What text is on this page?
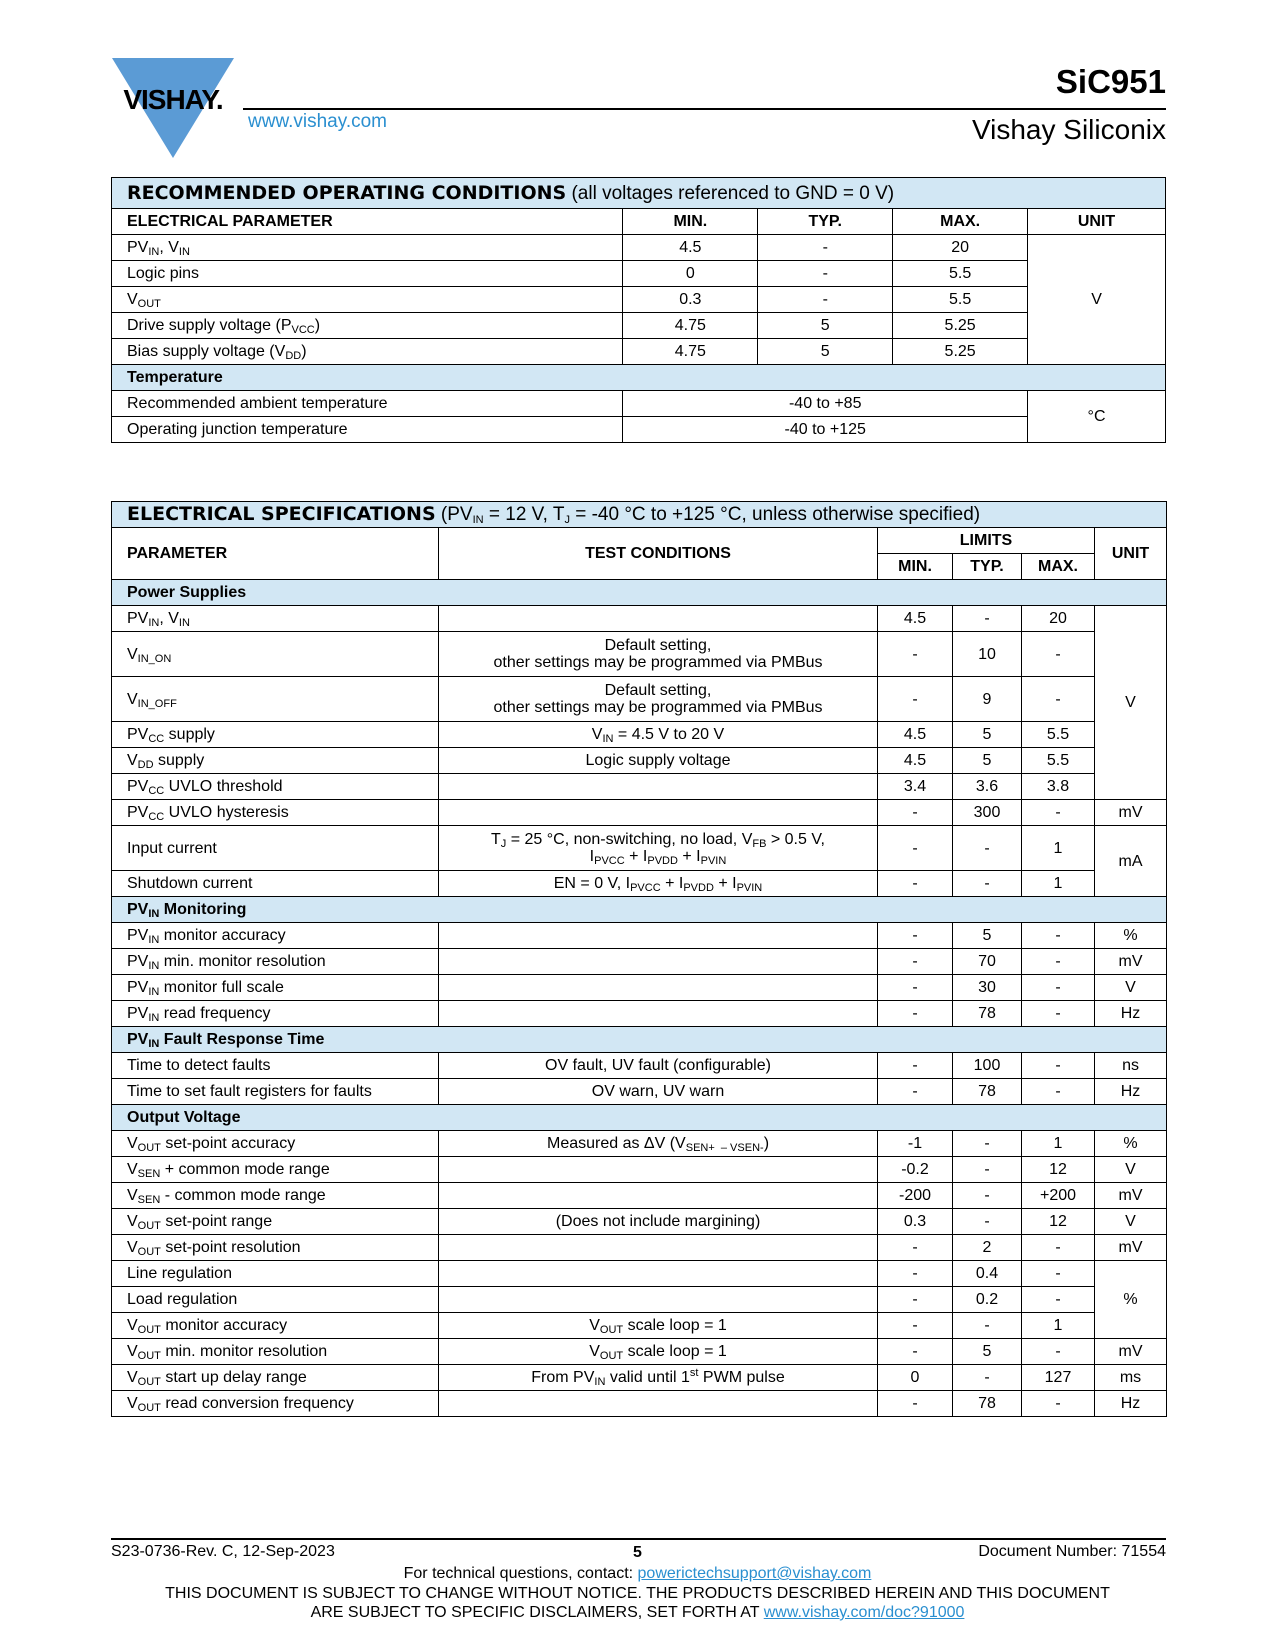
VISHAY.
www.vishay.com
SiC951
Vishay Siliconix
RECOMMENDED OPERATING CONDITIONS (all voltages referenced to GND = 0 V)				
ELECTRICAL PARAMETER	MIN.	TYP.	MAX.	UNIT
$PV_{IN}$, $V_{IN}$	4.5	-	20	V
Logic pins	0	-	5.5	
$V_{OUT}$	0.3	-	5.5	
Drive supply voltage $(P_{VCC})$	4.75	5	5.25	
Bias supply voltage $(V_{DD})$	4.75	5	5.25	
Temperature				
Recommended ambient temperature	-40 to +85			°C
Operating junction temperature	-40 to +125			
ELECTRICAL SPECIFICATIONS ($PV_{IN} = 12$ V, $T_J = -40$ °C to +125 °C, unless otherwise specified)					
PARAMETER	TEST CONDITIONS	LIMITS			UNIT
		MIN.	TYP.	MAX.	
Power Supplies					
$PV_{IN}$, $V_{IN}$		4.5	-	20	V
$V_{IN\_ON}$	Default setting,
other settings may be programmed via PMBus	-	10	-	
$V_{IN\_OFF}$	Default setting,
other settings may be programmed via PMBus	-	9	-	
$PV_{CC}$ supply	$V_{IN} = 4.5$ V to 20 V	4.5	5	5.5	
$V_{DD}$ supply	Logic supply voltage	4.5	5	5.5	
$PV_{CC}$ UVLO threshold		3.4	3.6	3.8	
$PV_{CC}$ UVLO hysteresis		-	300	-	mV
Input current	$T_J = 25$ °C, non-switching, no load, $V_{FB} > 0.5$ V,
$I_{PVCC} + I_{PVDD} + I_{PVIN}$	-	-	1	mA
Shutdown current	EN = 0 V, $I_{PVCC} + I_{PVDD} + I_{PVIN}$	-	-	1	
$PV_{IN}$ Monitoring					
$PV_{IN}$ monitor accuracy		-	5	-	%
$PV_{IN}$ min. monitor resolution		-	70	-	mV
$PV_{IN}$ monitor full scale		-	30	-	V
$PV_{IN}$ read frequency		-	78	-	Hz
$PV_{IN}$ Fault Response Time					
Time to detect faults	OV fault, UV fault (configurable)	-	100	-	ns
Time to set fault registers for faults	OV warn, UV warn	-	78	-	Hz
Output Voltage					
$V_{OUT}$ set-point accuracy	Measured as ΔV $(V_{SEN+ - VSEN-})$	-1	-	1	%
$V_{SEN}$ + common mode range		-0.2	-	12	V
$V_{SEN}$ - common mode range		-200	-	+200	mV
$V_{OUT}$ set-point range	(Does not include margining)	0.3	-	12	V
$V_{OUT}$ set-point resolution		-	2	-	mV
Line regulation		-	0.4	-	%
Load regulation		-	0.2	-	
$V_{OUT}$ monitor accuracy	$V_{OUT}$ scale loop = 1	-	-	1	
$V_{OUT}$ min. monitor resolution	$V_{OUT}$ scale loop = 1	-	5	-	mV
$V_{OUT}$ start up delay range	From $PV_{IN}$ valid until 1st PWM pulse	0	-	127	ms
$V_{OUT}$ read conversion frequency		-	78	-	Hz
S23-0736-Rev. C, 12-Sep-2023	5	Document Number: 71554
For technical questions, contact: powerictechsupport@vishay.com
THIS DOCUMENT IS SUBJECT TO CHANGE WITHOUT NOTICE. THE PRODUCTS DESCRIBED HEREIN AND THIS DOCUMENT
ARE SUBJECT TO SPECIFIC DISCLAIMERS, SET FORTH AT www.vishay.com/doc?91000
